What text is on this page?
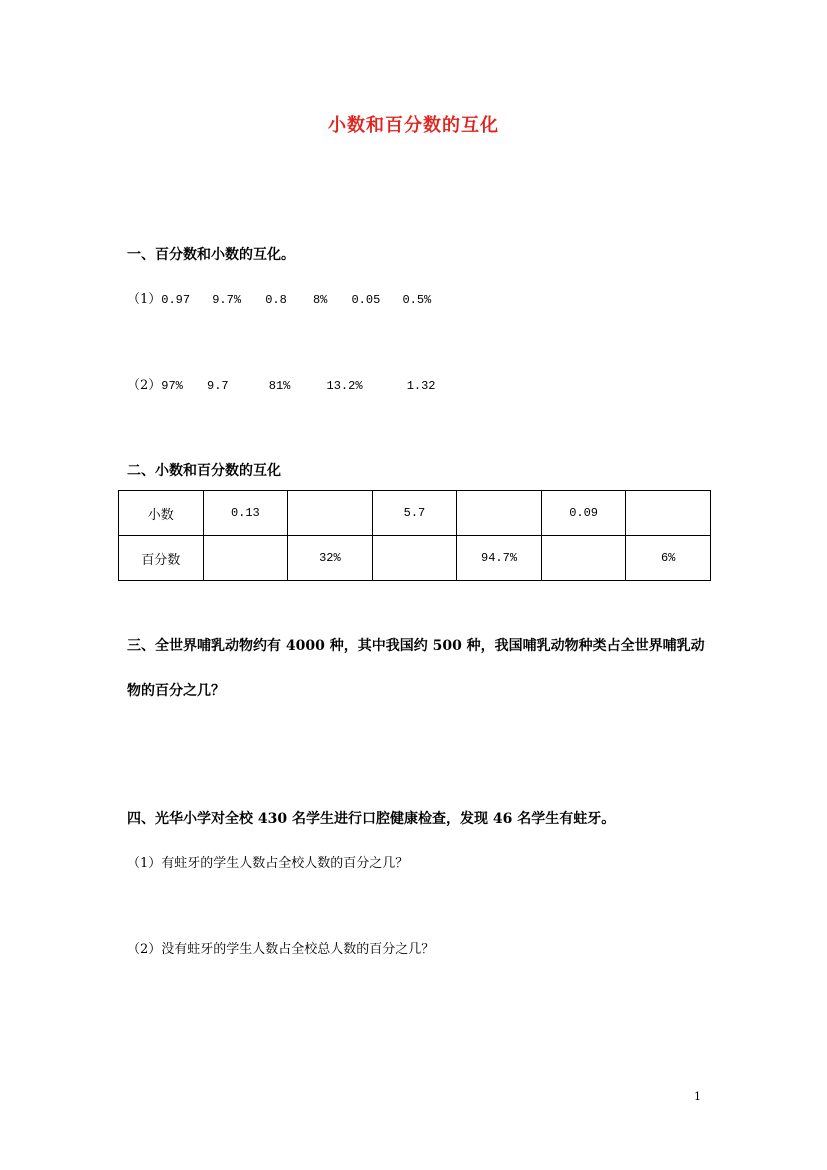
小数和百分数的互化
一、百分数和小数的互化。
（1）0.97 9.7% 0.8 8% 0.05 0.5%
（2）97% 9.7	81%	13.2%	1.32
二、小数和百分数的互化
小数	0.13		5.7		0.09	
百分数		32%		94.7%		6%
三、全世界哺乳动物约有 4000 种，其中我国约 500 种，我国哺乳动物种类占全世界哺乳动
物的百分之几？
四、光华小学对全校 430 名学生进行口腔健康检查，发现 46 名学生有蛀牙。
（1）有蛀牙的学生人数占全校人数的百分之几？
（2）没有蛀牙的学生人数占全校总人数的百分之几？
1
